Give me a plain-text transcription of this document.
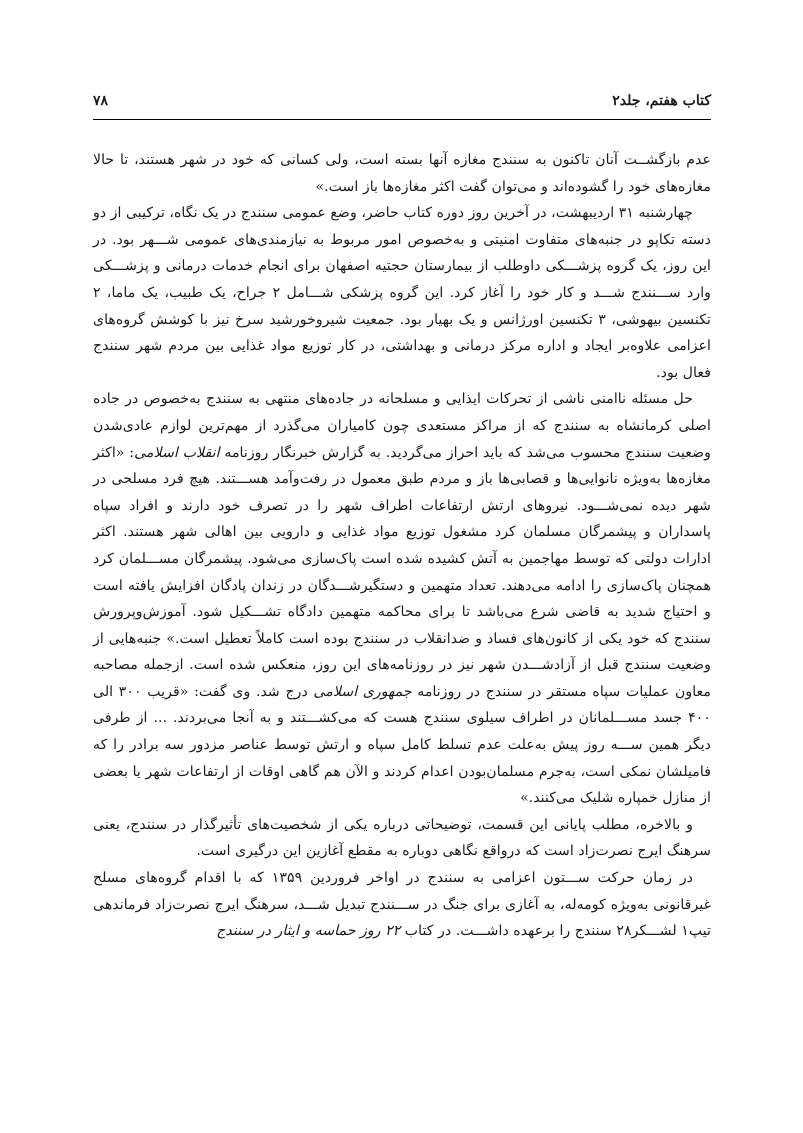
کتاب هفتم، جلد۲
۷۸

عدم بازگشــت آنان تاکنون به سنندج مغازه آنها بسته است، ولی کسانی که خود در شهر هستند، تا حالا مغازه‌های خود را گشوده‌اند و می‌توان گفت اکثر مغازه‌ها باز است.»

چهارشنبه ۳۱ اردیبهشت، در آخرین روز دوره کتاب حاضر، وضع عمومی سنندج در یک نگاه، ترکیبی از دو دسته تکاپو در جنبه‌های متفاوت امنیتی و به‌خصوص امور مربوط به نیازمندی‌های عمومی شـــهر بود. در این روز، یک گروه پزشـــکی داوطلب از بیمارستان حجتیه اصفهان برای انجام خدمات درمانی و پزشـــکی وارد ســـنندج شـــد و کار خود را آغاز کرد. این گروه پزشکی شـــامل ۲ جراح، یک طبیب، یک ماما، ۲ تکنسین بیهوشی، ۳ تکنسین اورژانس و یک بهیار بود. جمعیت شیروخورشید سرخ نیز با کوشش گروه‌های اعزامی علاوه‌بر ایجاد و اداره مرکز درمانی و بهداشتی، در کار توزیع مواد غذایی بین مردم شهر سنندج فعال بود.

حل مسئله ناامنی ناشی از تحرکات ایذایی و مسلحانه در جاده‌های منتهی به سنندج به‌خصوص در جاده اصلی کرمانشاه به سنندج که از مراکز مستعدی چون کامیاران می‌گذرد از مهم‌ترین لوازم عادی‌شدن وضعیت سنندج محسوب می‌شد که باید احراز می‌گردید. به گزارش خبرنگار روزنامه انقلاب اسلامی: «اکثر مغازه‌ها به‌ویژه نانوایی‌ها و قصابی‌ها باز و مردم طبق معمول در رفت‌وآمد هســـتند. هیچ فرد مسلحی در شهر دیده نمی‌شـــود. نیروهای ارتش ارتفاعات اطراف شهر را در تصرف خود دارند و افراد سپاه پاسداران و پیشمرگان مسلمان کرد مشغول توزیع مواد غذایی و دارویی بین اهالی شهر هستند. اکثر ادارات دولتی که توسط مهاجمین به آتش کشیده شده است پاک‌سازی می‌شود. پیشمرگان مســـلمان کرد همچنان پاک‌سازی را ادامه می‌دهند. تعداد متهمین و دستگیرشـــدگان در زندان پادگان افزایش یافته است و احتیاج شدید به قاضی شرع می‌باشد تا برای محاکمه متهمین دادگاه تشـــکیل شود. آموزش‌وپرورش سنندج که خود یکی از کانون‌های فساد و ضدانقلاب در سنندج بوده است کاملاً تعطیل است.» جنبه‌هایی از وضعیت سنندج قبل از آزادشـــدن شهر نیز در روزنامه‌های این روز، منعکس شده است. ازجمله مصاحبه معاون عملیات سپاه مستقر در سنندج در روزنامه جمهوری اسلامی درج شد. وی گفت: «قریب ۳۰۰ الی ۴۰۰ جسد مســـلمانان در اطراف سیلوی سنندج هست که می‌کشـــتند و به آنجا می‌بردند. ... از طرفی دیگر همین ســـه روز پیش به‌علت عدم تسلط کامل سپاه و ارتش توسط عناصر مزدور سه برادر را که فامیلشان نمکی است، به‌جرم مسلمان‌بودن اعدام کردند و الآن هم گاهی اوقات از ارتفاعات شهر یا بعضی از منازل خمپاره شلیک می‌کنند.»

و بالاخره، مطلب پایانی این قسمت، توضیحاتی درباره یکی از شخصیت‌های تأثیرگذار در سنندج، یعنی سرهنگ ایرج نصرت‌زاد است که درواقع نگاهی دوباره به مقطع آغازین این درگیری است.

در زمان حرکت ســـتون اعزامی به سنندج در اواخر فروردین ۱۳۵۹ که با اقدام گروه‌های مسلح غیرقانونی به‌ویژه کومه‌له، به آغازی برای جنگ در ســـنندج تبدیل شـــد، سرهنگ ایرج نصرت‌زاد فرماندهی تیپ۱ لشـــکر۲۸ سنندج را برعهده داشـــت. در کتاب ۲۲ روز حماسه و ایثار در سنندج
